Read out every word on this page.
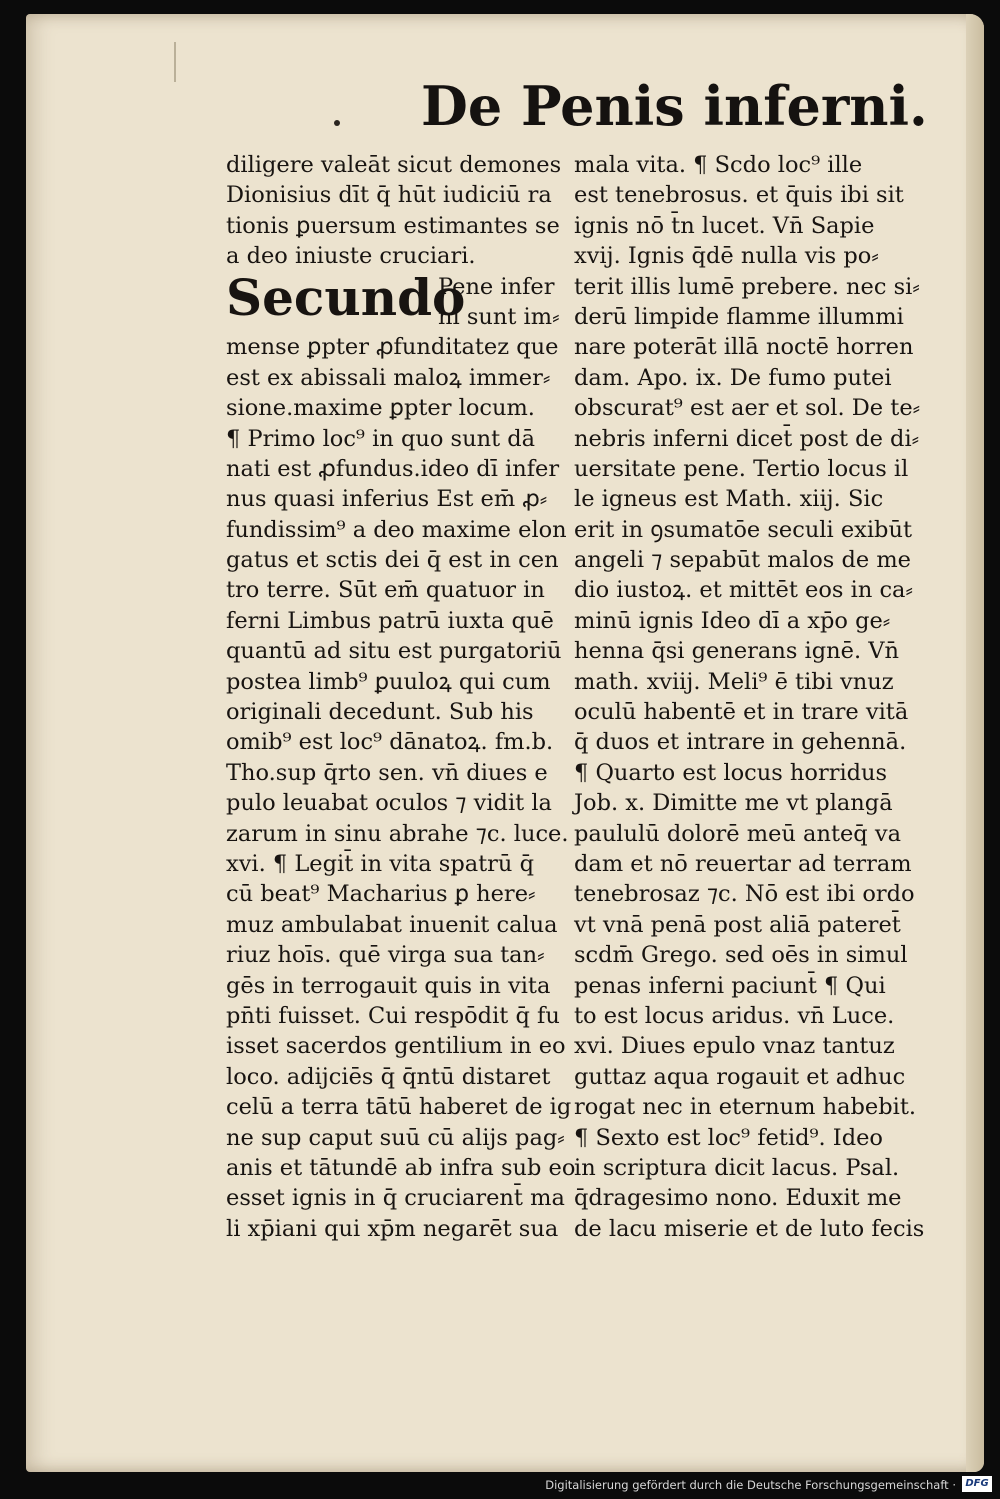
De Penis inferni.
diligere valeāt sicut demones
Dionisius dīt q̄ hūt iudiciū ra
tionis ꝑuersum estimantes se
a deo iniuste cruciari.
Secundo
Pene infer
ni sunt im⸗
mense ꝑpter ꝓfunditatez que
est ex abissali maloꝝ immer⸗
sione.maxime ꝑpter locum.
¶ Primo loc⁹ in quo sunt dā
nati est ꝓfundus.ideo dī infer
nus quasi inferius Est em̄ ꝓ⸗
fundissim⁹ a deo maxime elon
gatus et sctis dei q̄ est in cen
tro terre. Sūt em̄ quatuor in
ferni Limbus patrū iuxta quē
quantū ad situ est purgatoriū
postea limb⁹ ꝑuuloꝝ qui cum
originali decedunt. Sub his
omib⁹ est loc⁹ dānatoꝝ. fm.b.
Tho.sup q̄rto sen. vn̄ diues e
pulo leuabat oculos ⁊ vidit la
zarum in sinu abrahe ⁊c. luce.
xvi. ¶ Legit̄ in vita spatrū q̄
cū beat⁹ Macharius ꝑ here⸗
muz ambulabat inuenit calua
riuz hoīs. quē virga sua tan⸗
gēs in terrogauit quis in vita
pn̄ti fuisset. Cui respōdit q̄ fu
isset sacerdos gentilium in eo
loco. adijciēs q̄ q̄ntū distaret
celū a terra tātū haberet de ig
ne sup caput suū cū alijs pag⸗
anis et tātundē ab infra sub eo
esset ignis in q̄ cruciarent̄ ma
li xp̄iani qui xp̄m negarēt sua
mala vita. ¶ Scdo loc⁹ ille
est tenebrosus. et q̄uis ibi sit
ignis nō t̄n lucet. Vn̄ Sapie
xvij. Ignis q̄dē nulla vis po⸗
terit illis lumē prebere. nec si⸗
derū limpide flamme illummi
nare poterāt illā noctē horren
dam. Apo. ix. De fumo putei
obscurat⁹ est aer et sol. De te⸗
nebris inferni dicet̄ post de di⸗
uersitate pene. Tertio locus il
le igneus est Math. xiij. Sic
erit in ꝯsumatōe seculi exibūt
angeli ⁊ sepabūt malos de me
dio iustoꝝ. et mittēt eos in ca⸗
minū ignis Ideo dī a xp̄o ge⸗
henna q̄si generans ignē. Vn̄
math. xviij. Meli⁹ ē tibi vnuz
oculū habentē et in trare vitā
q̄ duos et intrare in gehennā.
¶ Quarto est locus horridus
Job. x. Dimitte me vt plangā
paululū dolorē meū anteq̄ va
dam et nō reuertar ad terram
tenebrosaz ⁊c. Nō est ibi ordo
vt vnā penā post aliā pateret̄
scdm̄ Grego. sed oēs in simul
penas inferni paciunt̄ ¶ Qui
to est locus aridus. vn̄ Luce.
xvi. Diues epulo vnaz tantuz
guttaz aqua rogauit et adhuc
rogat nec in eternum habebit.
¶ Sexto est loc⁹ fetid⁹. Ideo
in scriptura dicit lacus. Psal.
q̄dragesimo nono. Eduxit me
de lacu miserie et de luto fecis
Digitalisierung gefördert durch die Deutsche Forschungsgemeinschaft · DFG
